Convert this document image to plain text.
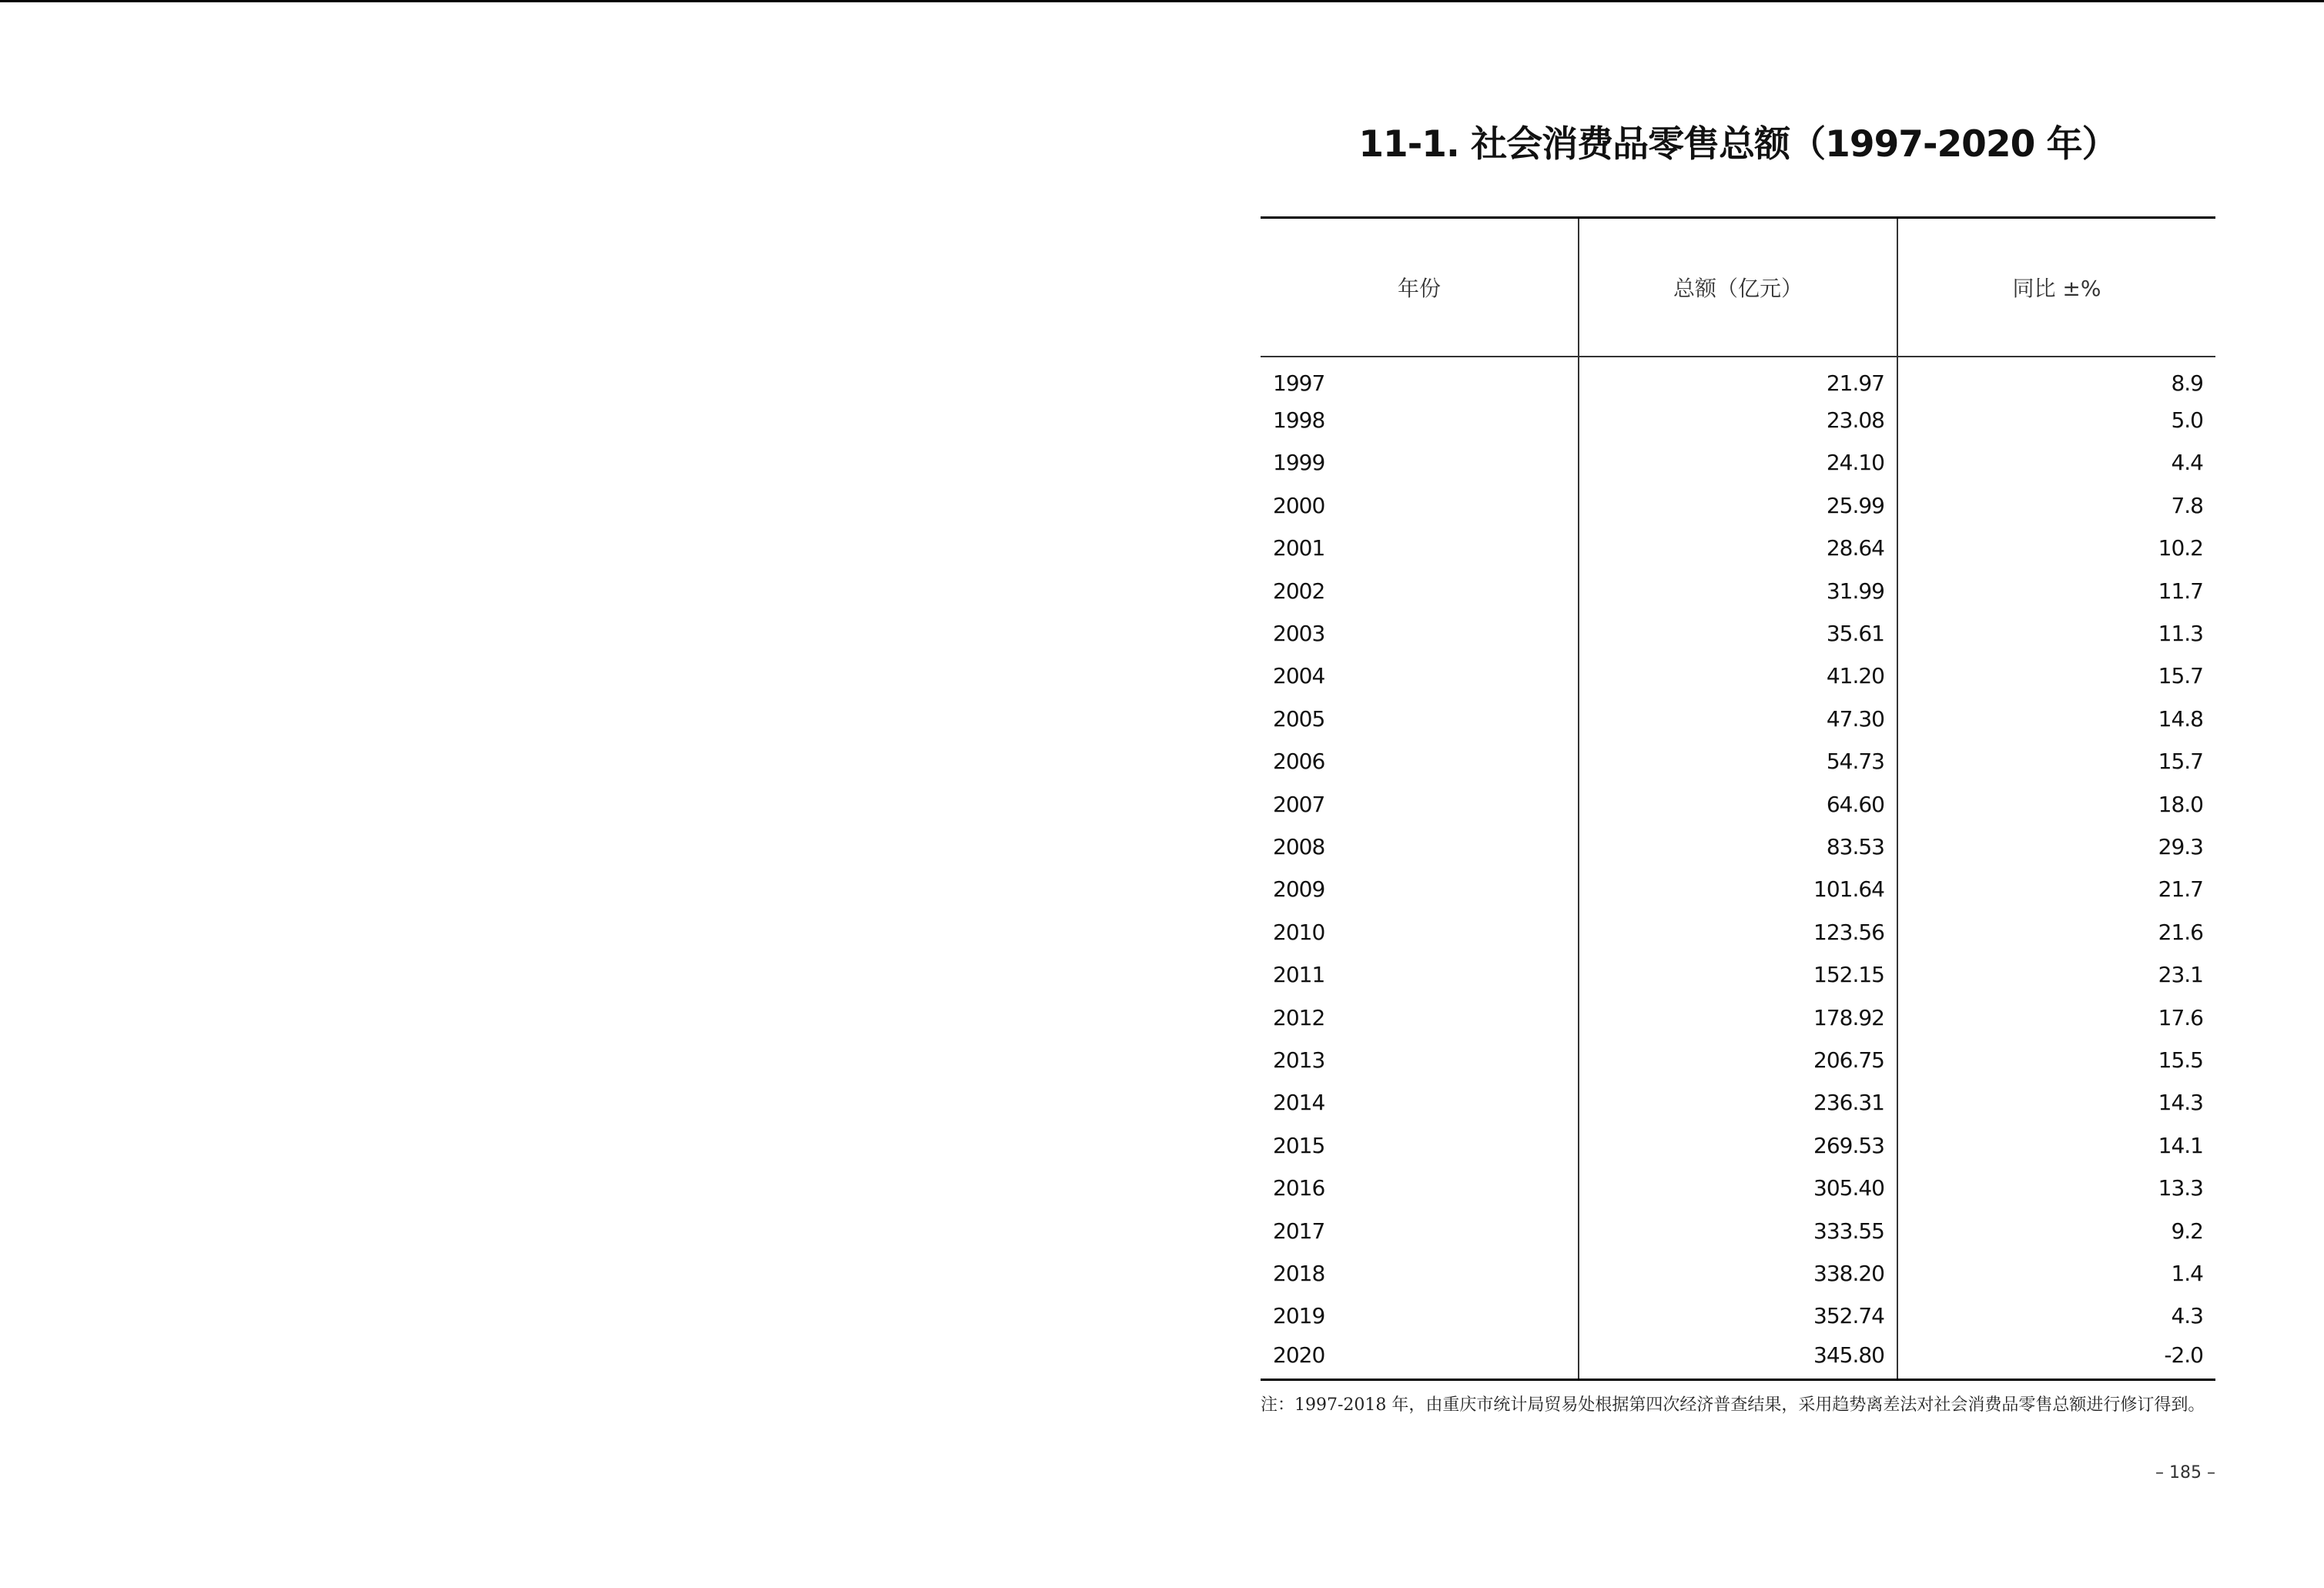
11-1. 社会消费品零售总额（1997-2020 年）
年份	总额（亿元）	同比 ±%
1997	21.97	8.9
1998	23.08	5.0
1999	24.10	4.4
2000	25.99	7.8
2001	28.64	10.2
2002	31.99	11.7
2003	35.61	11.3
2004	41.20	15.7
2005	47.30	14.8
2006	54.73	15.7
2007	64.60	18.0
2008	83.53	29.3
2009	101.64	21.7
2010	123.56	21.6
2011	152.15	23.1
2012	178.92	17.6
2013	206.75	15.5
2014	236.31	14.3
2015	269.53	14.1
2016	305.40	13.3
2017	333.55	9.2
2018	338.20	1.4
2019	352.74	4.3
2020	345.80	-2.0
注：1997-2018 年，由重庆市统计局贸易处根据第四次经济普查结果，采用趋势离差法对社会消费品零售总额进行修订得到。
– 185 –
